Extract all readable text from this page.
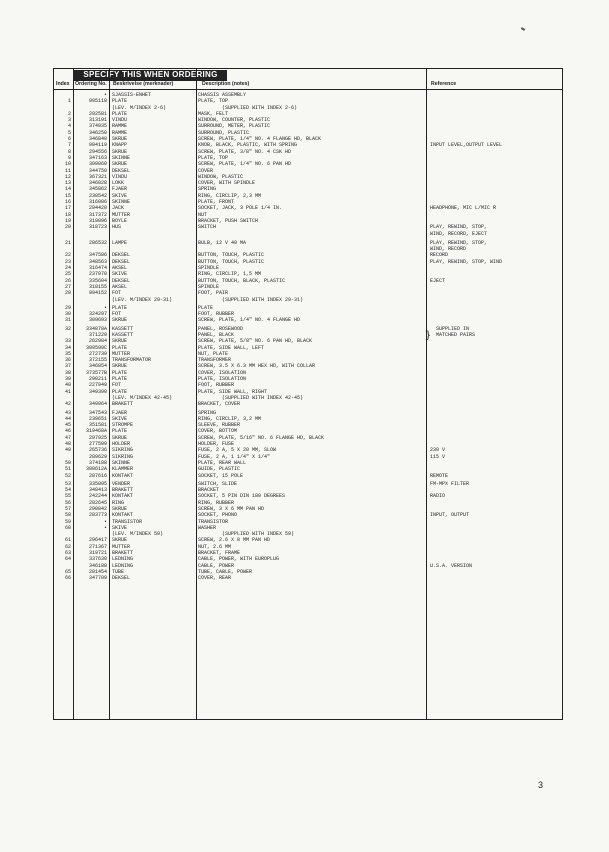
SPECIFY THIS WHEN ORDERING
Index Ordering No. Beskrivelse (merknader)	Description (notes)	Reference
• SJASSIS-ENHET	CHASSIS ASSEMBLY
1	995118 PLATE	PLATE, TOP
(LEV. M/INDEX 2-6)	(SUPPLIED WITH INDEX 2-6)
2	292581 PLATE	MASK, FELT
3	313191 VINDU	WINDOW, COUNTER, PLASTIC
4	374935 RAMME	SURROUND, METER, PLASTIC
5	346250 RAMME	SURROUND, PLASTIC
6	346840 SKRUE	SCREW, PLATE, 1/4" NO. 4 FLANGE HD, BLACK
7	994119 KNAPP	KNOB, BLACK, PLASTIC, WITH SPRING	INPUT LEVEL,OUTPUT LEVEL
8	294556 SKRUE	SCREW, PLATE, 3/8" NO. 4 CSK HD
9	347163 SKINNE	PLATE, TOP
10	309060 SKRUE	SCREW, PLATE, 1/4" NO. 6 PAN HD
11	344750 DEKSEL	COVER
12	367321 VINDU	WINDOW, PLASTIC
13	346028 LOKK	COVER, WITH SPINDLE
14	345862 FJAER	SPRING
15	230542 SKIVE	RING, CIRCLIP, 2,3 MM
16	316086 SKINNE	PLATE, FRONT
17	294420 JACK	SOCKET, JACK, 3 POLE 1/4 IN.	HEADPHONE, MIC L/MIC R
18	317372 MUTTER	NUT
19	319096 BOYLE	BRACKET, PUSH SWITCH
20	318723 HUS	SWITCH	PLAY, REWIND, STOP,
WIND, RECORD, EJECT
21	286532 LAMPE	BULB, 12 V 40 MA	PLAY, REWIND, STOP,
WIND, RECORD
22	347586 DEKSEL	BUTTON, TOUCH, PLASTIC	RECORD
23	348563 DEKSEL	BUTTON, TOUCH, PLASTIC	PLAY, REWIND, STOP, WIND
24	316474 AKSEL	SPINDLE
25	237970 SKIVE	RING, CIRCLIP, 1,5 MM
26	335604 DEKSEL	BUTTON, TOUCH, BLACK, PLASTIC	EJECT
27	318155 AKSEL	SPINDLE
28	994152 FOT	FOOT, PAIR
(LEV. M/INDEX 29-31)	(SUPPLIED WITH INDEX 29-31)
29	• PLATE	PLATE
30	324297 FOT	FOOT, RUBBER
31	309693 SKRUE	SCREW, PLATE, 1/4" NO. 4 FLANGE HD
32	334878A KASSETT	PANEL, ROSEWOOD	SUPPLIED IN
371229 KASSETT	PANEL, BLACK	MATCHED PAIRS
}
33	262984 SKRUE	SCREW, PLATE, 5/8" NO. 6 PAN HD, BLACK
34	309599C PLATE	PLATE, SIDE WALL, LEFT
35	272739 MUTTER	NUT, PLATE
36	372155 TRANSFORMATOR	TRANSFORMER
37	346854 SKRUE	SCREW, 3.5 X 6.3 MM HEX HD, WITH COLLAR
38	373577B PLATE	COVER, ISOLATION
39	290211 PLATE	PLATE, ISOLATION
40	227949 FOT	FOOT, RUBBER
41	349390 PLATE	PLATE, SIDE WALL, RIGHT
(LEV. M/INDEX 42-45)	(SUPPLIED WITH INDEX 42-45)
42	349964 BRAKETT	BRACKET, COVER
43	347543 FJAER	SPRING
44	239651 SKIVE	RING, CIRCLIP, 3,2 MM
45	351581 STROMPE	SLEEVE, RUBBER
46	319468A PLATE	COVER, BOTTOM
47	297925 SKRUE	SCREW, PLATE, 5/16" NO. 6 FLANGE HD, BLACK
48	277509 HOLDER	HOLDER, FUSE
49	265736 SIKRING	FUSE, 2 A, 5 X 20 MM, SLOW	230 V
289629 SIKRING	FUSE, 2 A, 1 1/4" X 1/4"	115 V
50	374188 SKINNE	PLATE, REAR WALL
51	300612A KLAMMER	GUIDE, PLASTIC
52	287616 KONTAKT	SOCKET, 15 POLE	REMOTE
53	335095 VENDER	SWITCH, SLIDE	FM-MPX FILTER
54	348413 BRAKETT	BRACKET
55	242244 KONTAKT	SOCKET, 5 PIN DIN 180 DEGREES	RADIO
56	282645 RING	RING, RUBBER
57	290842 SKRUE	SCREW, 3 X 6 MM PAN HD
58	283773 KONTAKT	SOCKET, PHONO	INPUT, OUTPUT
59	• TRANSISTOR	TRANSISTOR
60	• SKIVE	WASHER
(LEV. M/INDEX 59)	(SUPPLIED WITH INDEX 59)
61	296417 SKRUE	SCREW, 2.6 X 8 MM PAN HD
62	271367 MUTTER	NUT, 2.6 MM
63	319721 BRAKETT	BRACKET, FRAME
64	337630 LEDNING	CABLE, POWER, WITH EUROPLUG
346188 LEDNING	CABLE, POWER	U.S.A. VERSION
65	281454 TUBE	TUBE, CABLE, POWER
66	347709 DEKSEL	COVER, REAR
3
